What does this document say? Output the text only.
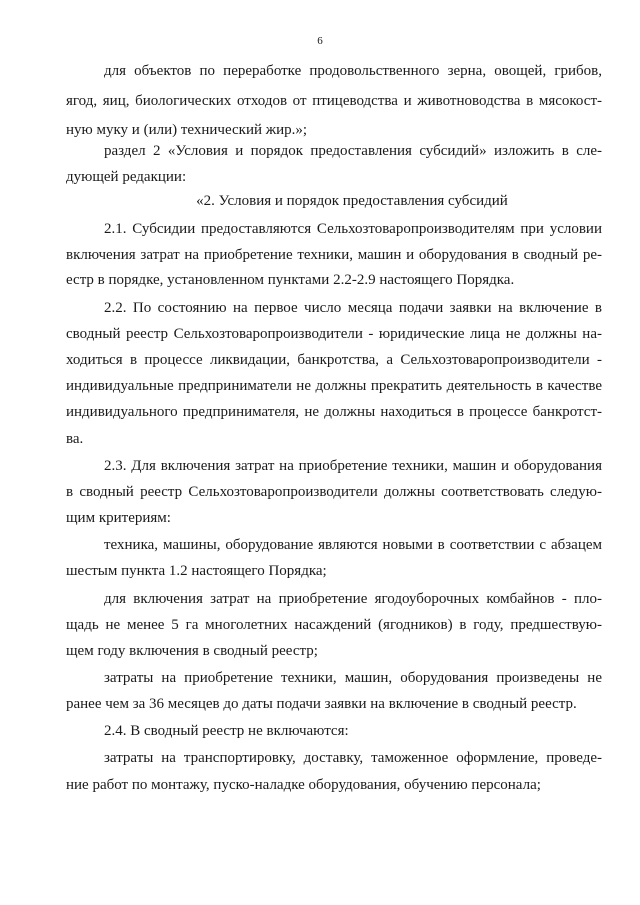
6
для объектов по переработке продовольственного зерна, овощей, грибов,
ягод, яиц, биологических отходов от птицеводства и животноводства в мясокост-
ную муку и (или) технический жир.»;
раздел 2 «Условия и порядок предоставления субсидий» изложить в сле-
дующей редакции:
«2. Условия и порядок предоставления субсидий
2.1. Субсидии предоставляются Сельхозтоваропроизводителям при условии
включения затрат на приобретение техники, машин и оборудования в сводный ре-
естр в порядке, установленном пунктами 2.2-2.9 настоящего Порядка.
2.2. По состоянию на первое число месяца подачи заявки на включение в
сводный реестр Сельхозтоваропроизводители - юридические лица не должны на-
ходиться в процессе ликвидации, банкротства, а Сельхозтоваропроизводители -
индивидуальные предприниматели не должны прекратить деятельность в качестве
индивидуального предпринимателя, не должны находиться в процессе банкротст-
ва.
2.3. Для включения затрат на приобретение техники, машин и оборудования
в сводный реестр Сельхозтоваропроизводители должны соответствовать следую-
щим критериям:
техника, машины, оборудование являются новыми в соответствии с абзацем
шестым пункта 1.2 настоящего Порядка;
для включения затрат на приобретение ягодоуборочных комбайнов - пло-
щадь не менее 5 га многолетних насаждений (ягодников) в году, предшествую-
щем году включения в сводный реестр;
затраты на приобретение техники, машин, оборудования произведены не
ранее чем за 36 месяцев до даты подачи заявки на включение в сводный реестр.
2.4. В сводный реестр не включаются:
затраты на транспортировку, доставку, таможенное оформление, проведе-
ние работ по монтажу, пуско-наладке оборудования, обучению персонала;
